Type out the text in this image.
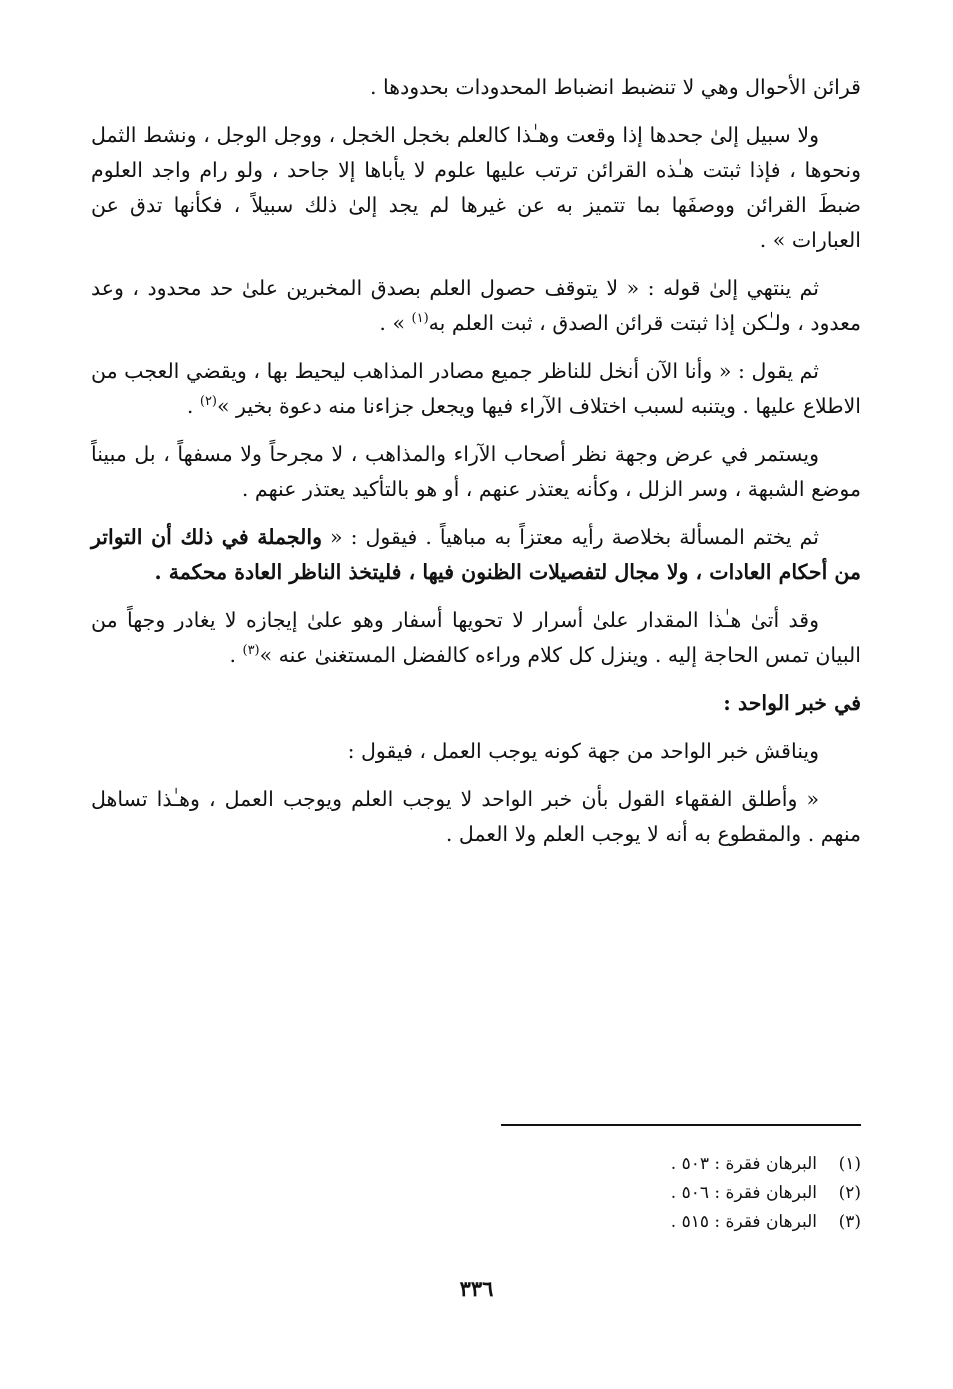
قرائن الأحوال وهي لا تنضبط انضباط المحدودات بحدودها .

ولا سبيل إلىٰ جحدها إذا وقعت وهـٰذا كالعلم بخجل الخجل ، ووجل الوجل ، ونشط الثمل ونحوها ، فإذا ثبتت هـٰذه القرائن ترتب عليها علوم لا يأباها إلا جاحد ، ولو رام واجد العلوم ضبطَ القرائن ووصفَها بما تتميز به عن غيرها لم يجد إلىٰ ذلك سبيلاً ، فكأنها تدق عن العبارات » .

ثم ينتهي إلىٰ قوله : « لا يتوقف حصول العلم بصدق المخبرين علىٰ حد محدود ، وعد معدود ، ولـٰكن إذا ثبتت قرائن الصدق ، ثبت العلم به$^{(١)}$ » .

ثم يقول : « وأنا الآن أنخل للناظر جميع مصادر المذاهب ليحيط بها ، ويقضي العجب من الاطلاع عليها . ويتنبه لسبب اختلاف الآراء فيها ويجعل جزاءنا منه دعوة بخير »$^{(٢)}$ .

ويستمر في عرض وجهة نظر أصحاب الآراء والمذاهب ، لا مجرحاً ولا مسفهاً ، بل مبيناً موضع الشبهة ، وسر الزلل ، وكأنه يعتذر عنهم ، أو هو بالتأكيد يعتذر عنهم .

ثم يختم المسألة بخلاصة رأيه معتزاً به مباهياً . فيقول : « والجملة في ذلك أن التواتر من أحكام العادات ، ولا مجال لتفصيلات الظنون فيها ، فليتخذ الناظر العادة محكمة .

وقد أتىٰ هـٰذا المقدار علىٰ أسرار لا تحويها أسفار وهو علىٰ إيجازه لا يغادر وجهاً من البيان تمس الحاجة إليه . وينزل كل كلام وراءه كالفضل المستغنىٰ عنه »$^{(٣)}$ .

في خبر الواحد :

ويناقش خبر الواحد من جهة كونه يوجب العمل ، فيقول :

« وأطلق الفقهاء القول بأن خبر الواحد لا يوجب العلم ويوجب العمل ، وهـٰذا تساهل منهم . والمقطوع به أنه لا يوجب العلم ولا العمل .

(١)
البرهان فقرة : ٥٠٣ .
(٢)
البرهان فقرة : ٥٠٦ .
(٣)
البرهان فقرة : ٥١٥ .
٣٣٦
